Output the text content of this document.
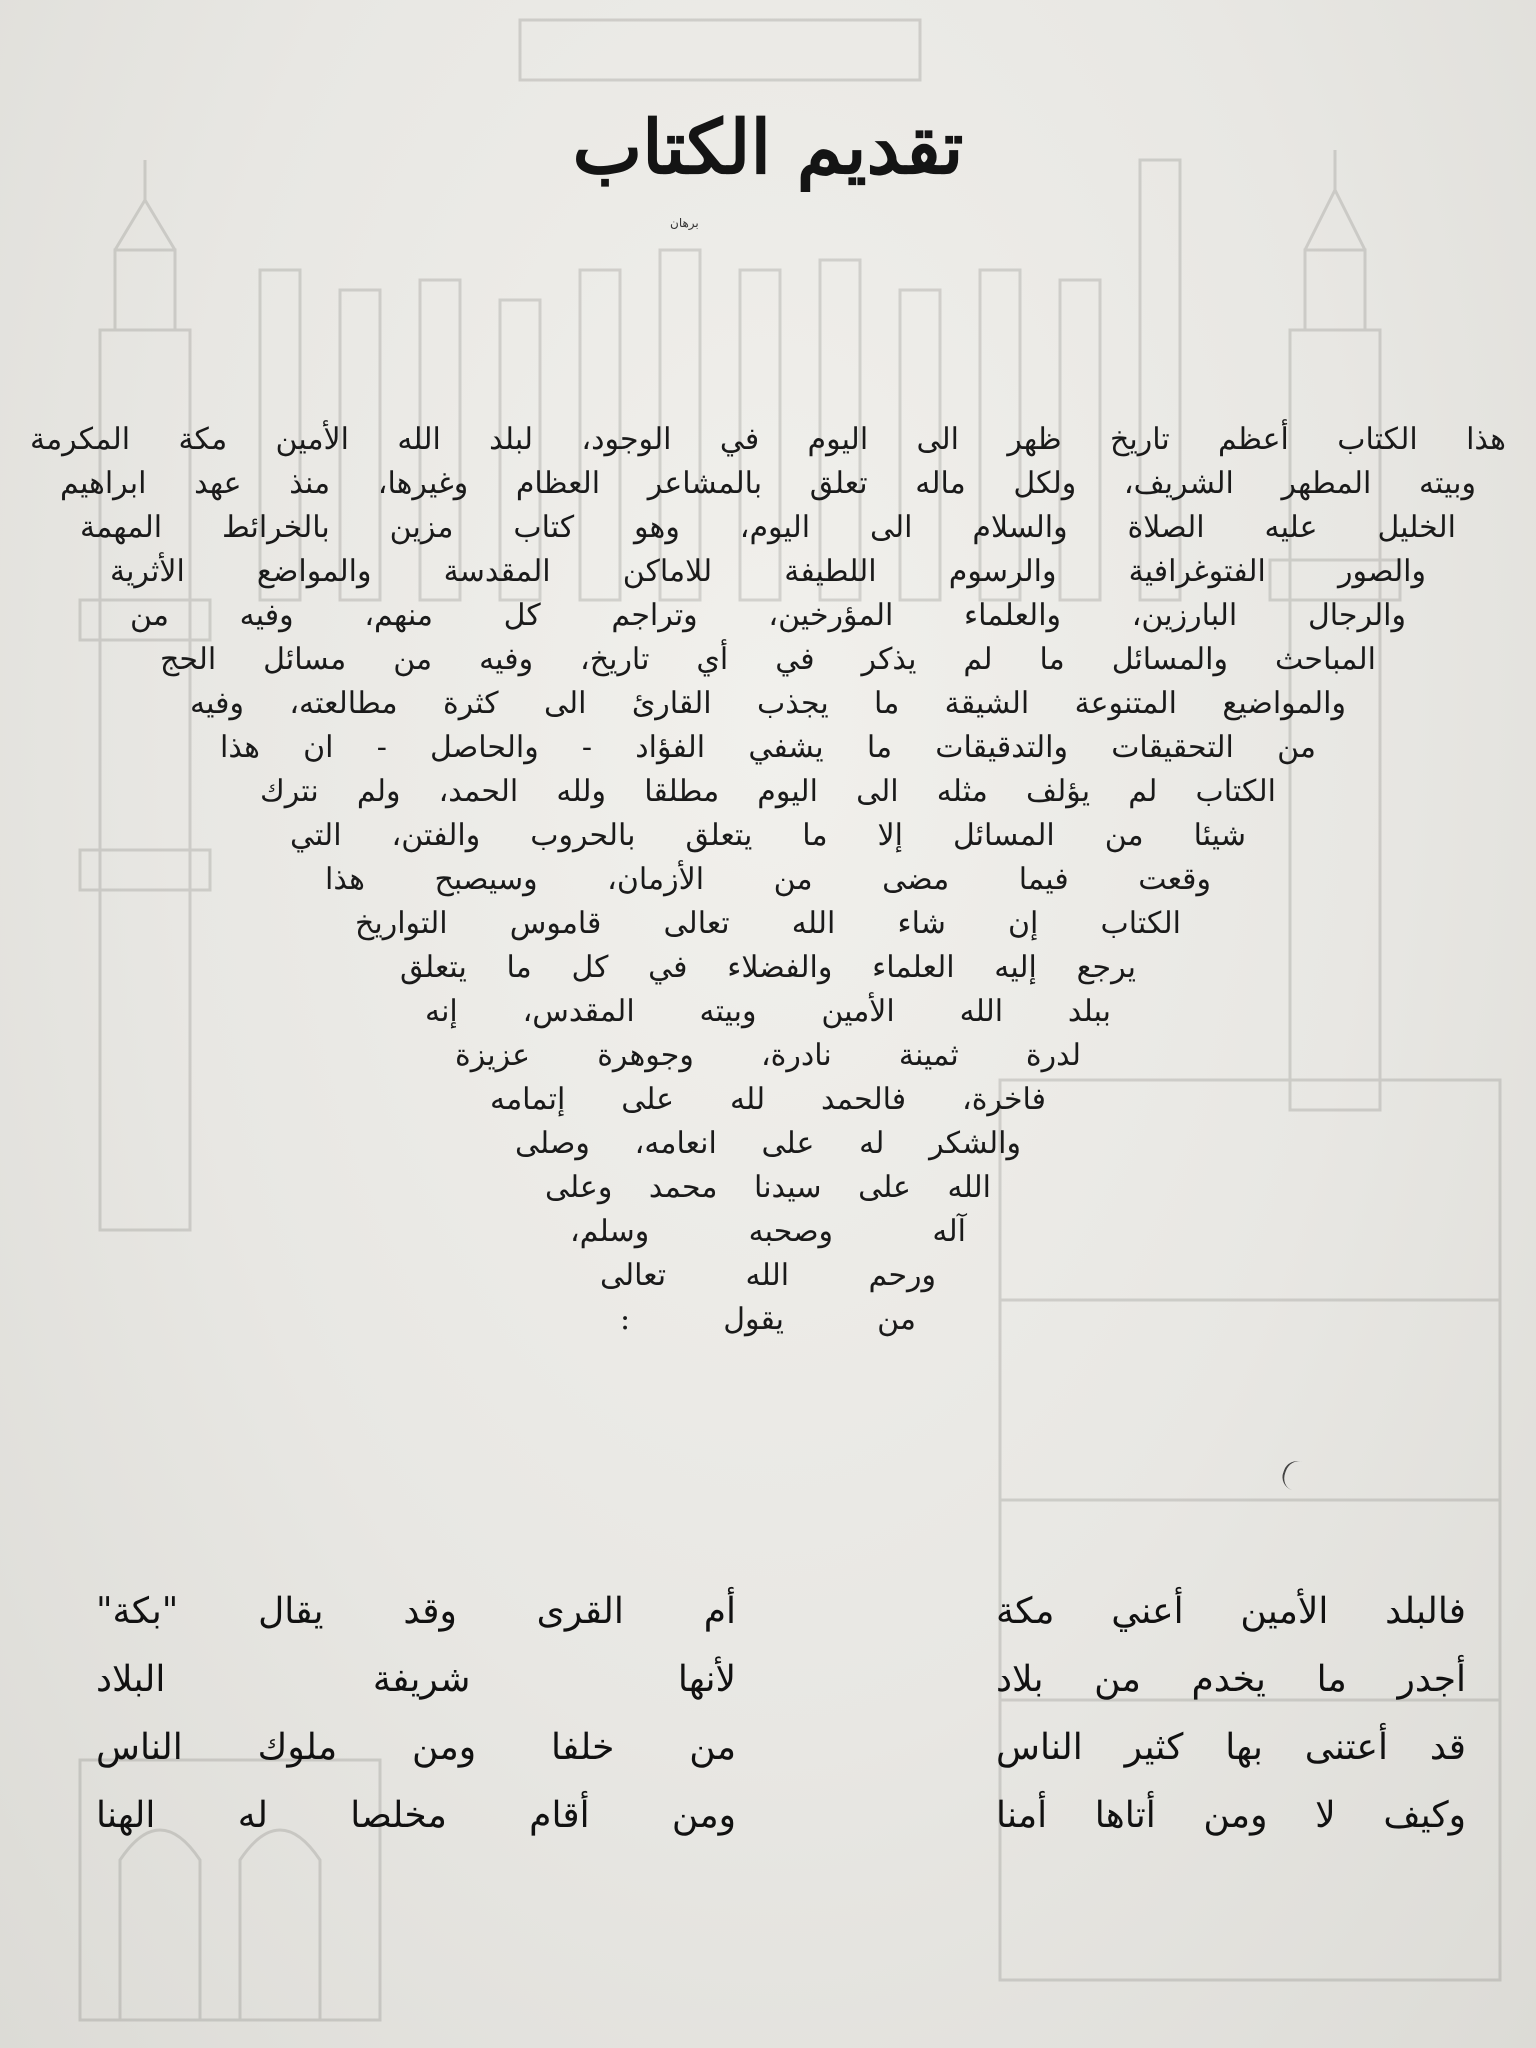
تقديم الكتاب
برهان
هذا الكتاب أعظم تاريخ ظهر الى اليوم في الوجود، لبلد الله الأمين مكة المكرمة
وبيته المطهر الشريف، ولكل ماله تعلق بالمشاعر العظام وغيرها، منذ عهد ابراهيم
الخليل عليه الصلاة والسلام الى اليوم، وهو كتاب مزين بالخرائط المهمة
والصور الفتوغرافية والرسوم اللطيفة للاماكن المقدسة والمواضع الأثرية
والرجال البارزين، والعلماء المؤرخين، وتراجم كل منهم، وفيه من
المباحث والمسائل ما لم يذكر في أي تاريخ، وفيه من مسائل الحج
والمواضيع المتنوعة الشيقة ما يجذب القارئ الى كثرة مطالعته، وفيه
من التحقيقات والتدقيقات ما يشفي الفؤاد - والحاصل - ان هذا
الكتاب لم يؤلف مثله الى اليوم مطلقا ولله الحمد، ولم نترك
شيئا من المسائل إلا ما يتعلق بالحروب والفتن، التي
وقعت فيما مضى من الأزمان، وسيصبح هذا
الكتاب إن شاء الله تعالى قاموس التواريخ
يرجع إليه العلماء والفضلاء في كل ما يتعلق
ببلد الله الأمين وبيته المقدس، إنه
لدرة ثمينة نادرة، وجوهرة عزيزة
فاخرة، فالحمد لله على إتمامه
والشكر له على انعامه، وصلى
الله على سيدنا محمد وعلى
آله وصحبه وسلم،
ورحم الله تعالى
من يقول :
فالبلد الأمين أعني مكة
أم القرى وقد يقال "بكة"
أجدر ما يخدم من بلاد
لأنها شريفة البلاد
قد أعتنى بها كثير الناس
من خلفا ومن ملوك الناس
وكيف لا ومن أتاها أمنا
ومن أقام مخلصا له الهنا
